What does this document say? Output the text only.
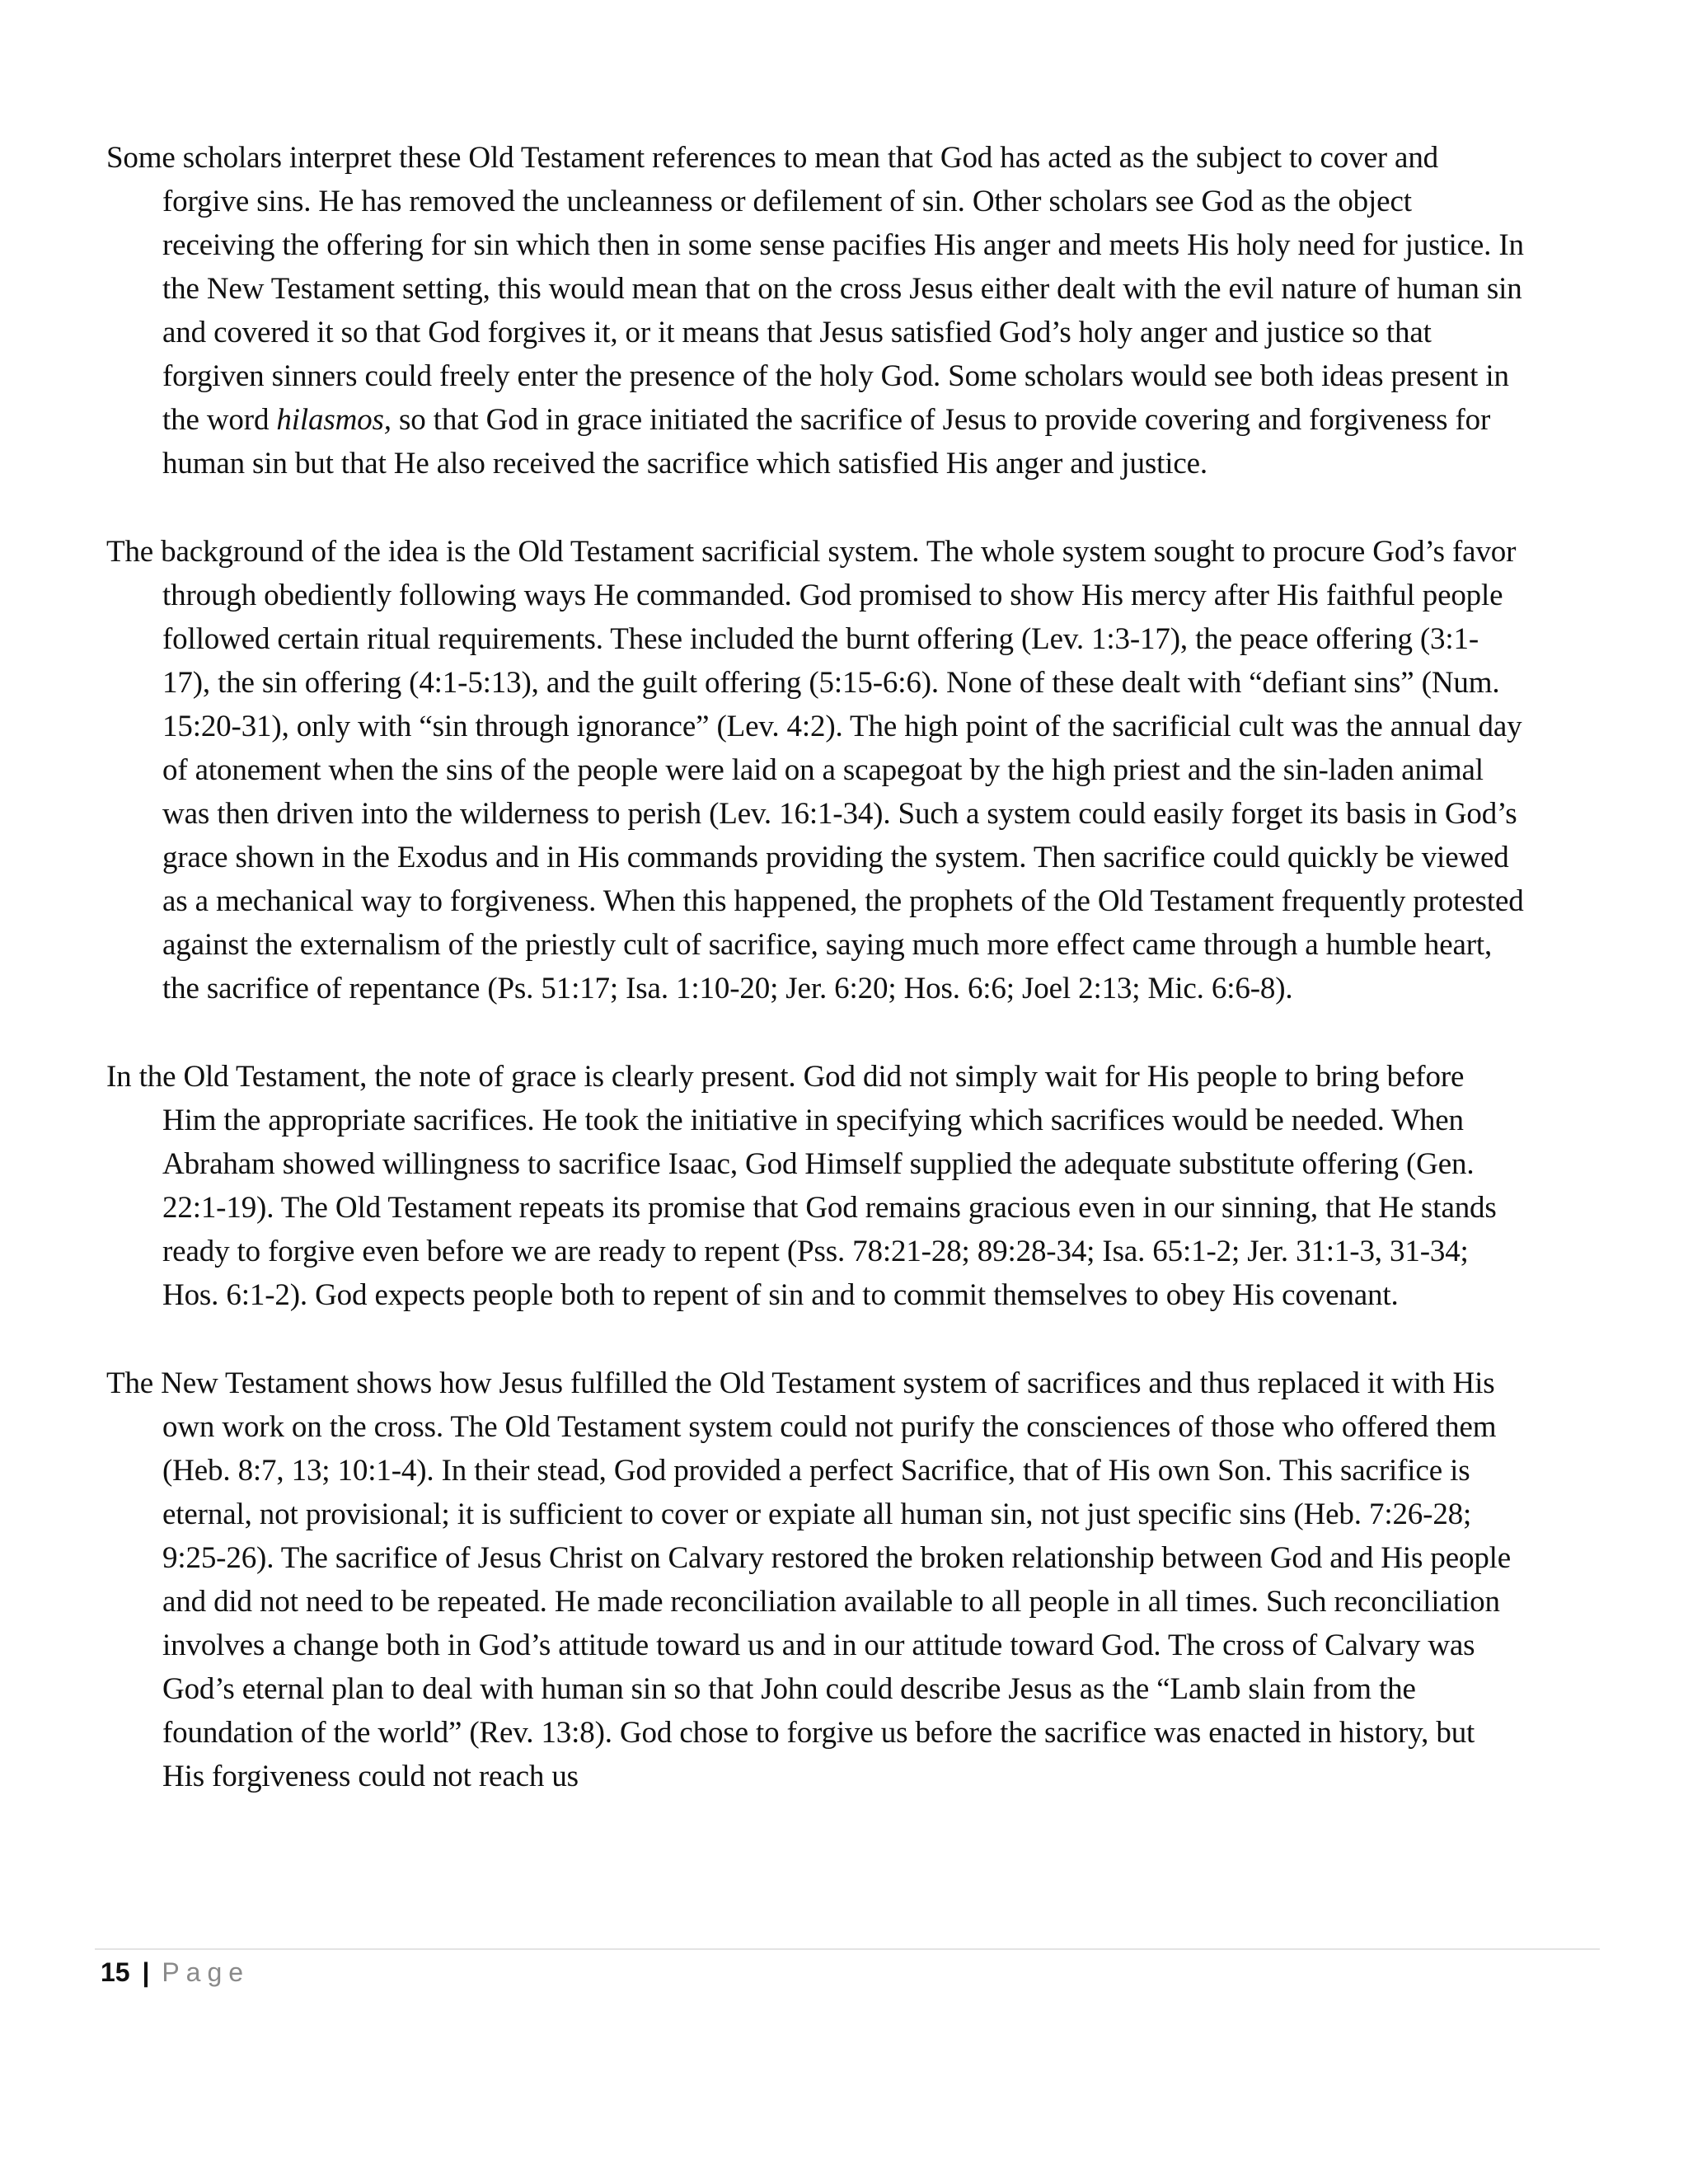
Some scholars interpret these Old Testament references to mean that God has acted as the subject to cover and forgive sins. He has removed the uncleanness or defilement of sin. Other scholars see God as the object receiving the offering for sin which then in some sense pacifies His anger and meets His holy need for justice. In the New Testament setting, this would mean that on the cross Jesus either dealt with the evil nature of human sin and covered it so that God forgives it, or it means that Jesus satisfied God’s holy anger and justice so that forgiven sinners could freely enter the presence of the holy God. Some scholars would see both ideas present in the word hilasmos, so that God in grace initiated the sacrifice of Jesus to provide covering and forgiveness for human sin but that He also received the sacrifice which satisfied His anger and justice.

The background of the idea is the Old Testament sacrificial system. The whole system sought to procure God’s favor through obediently following ways He commanded. God promised to show His mercy after His faithful people followed certain ritual requirements. These included the burnt offering (Lev. 1:3-17), the peace offering (3:1-17), the sin offering (4:1-5:13), and the guilt offering (5:15-6:6). None of these dealt with “defiant sins” (Num. 15:20-31), only with “sin through ignorance” (Lev. 4:2). The high point of the sacrificial cult was the annual day of atonement when the sins of the people were laid on a scapegoat by the high priest and the sin-laden animal was then driven into the wilderness to perish (Lev. 16:1-34). Such a system could easily forget its basis in God’s grace shown in the Exodus and in His commands providing the system. Then sacrifice could quickly be viewed as a mechanical way to forgiveness. When this happened, the prophets of the Old Testament frequently protested against the externalism of the priestly cult of sacrifice, saying much more effect came through a humble heart, the sacrifice of repentance (Ps. 51:17; Isa. 1:10-20; Jer. 6:20; Hos. 6:6; Joel 2:13; Mic. 6:6-8).

In the Old Testament, the note of grace is clearly present. God did not simply wait for His people to bring before Him the appropriate sacrifices. He took the initiative in specifying which sacrifices would be needed. When Abraham showed willingness to sacrifice Isaac, God Himself supplied the adequate substitute offering (Gen. 22:1-19). The Old Testament repeats its promise that God remains gracious even in our sinning, that He stands ready to forgive even before we are ready to repent (Pss. 78:21-28; 89:28-34; Isa. 65:1-2; Jer. 31:1-3, 31-34; Hos. 6:1-2). God expects people both to repent of sin and to commit themselves to obey His covenant.

The New Testament shows how Jesus fulfilled the Old Testament system of sacrifices and thus replaced it with His own work on the cross. The Old Testament system could not purify the consciences of those who offered them (Heb. 8:7, 13; 10:1-4). In their stead, God provided a perfect Sacrifice, that of His own Son. This sacrifice is eternal, not provisional; it is sufficient to cover or expiate all human sin, not just specific sins (Heb. 7:26-28; 9:25-26). The sacrifice of Jesus Christ on Calvary restored the broken relationship between God and His people and did not need to be repeated. He made reconciliation available to all people in all times. Such reconciliation involves a change both in God’s attitude toward us and in our attitude toward God. The cross of Calvary was God’s eternal plan to deal with human sin so that John could describe Jesus as the “Lamb slain from the foundation of the world” (Rev. 13:8). God chose to forgive us before the sacrifice was enacted in history, but His forgiveness could not reach us

15 | Page
